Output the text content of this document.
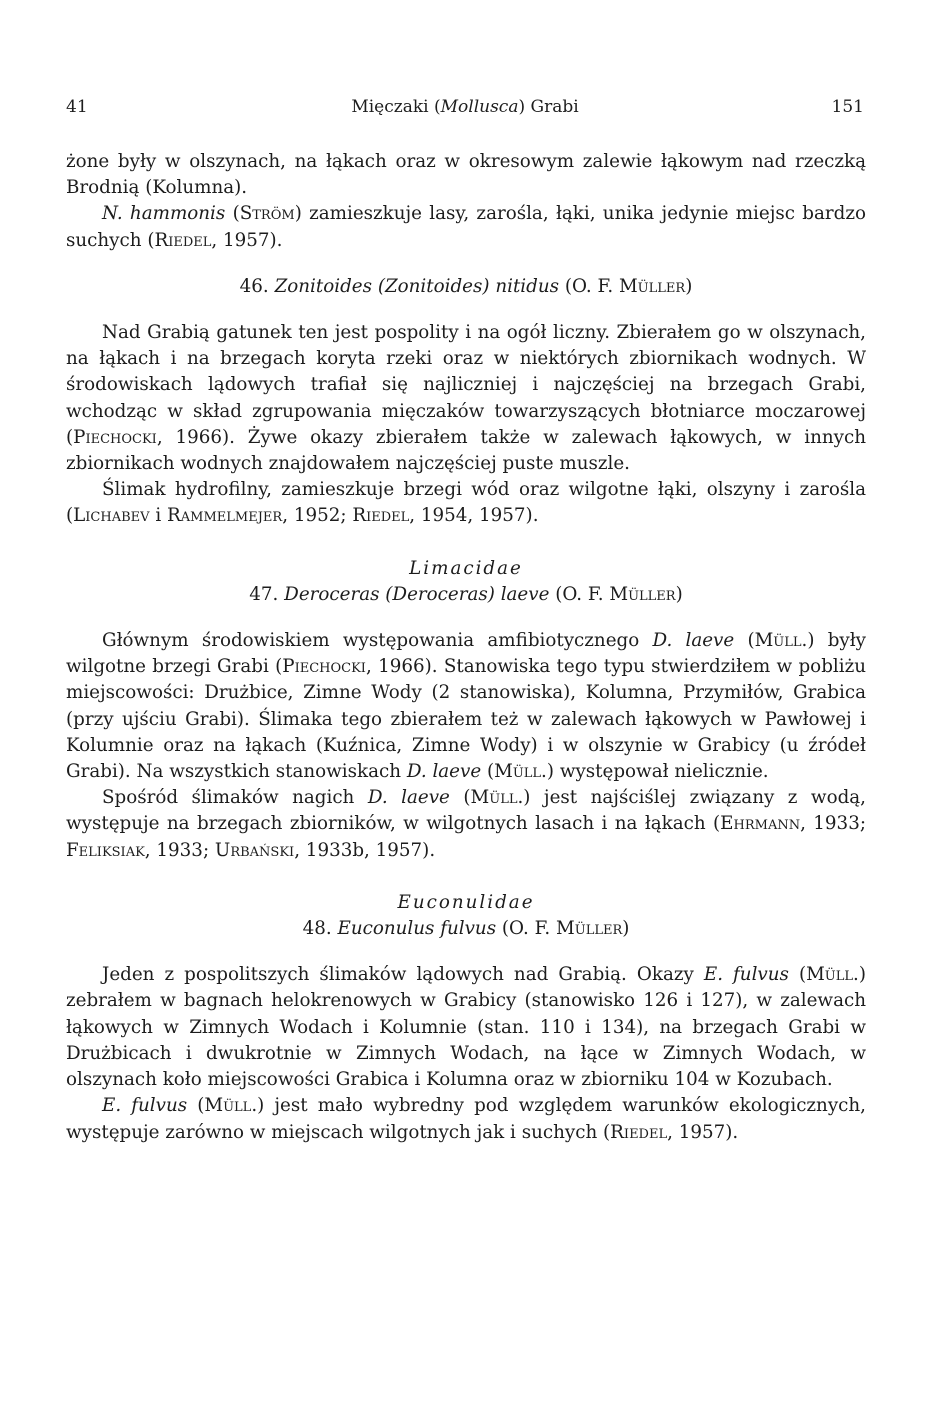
41	Mięczaki (Mollusca) Grabi	151

żone były w olszynach, na łąkach oraz w okresowym zalewie łąkowym nad rzeczką Brodnią (Kolumna).

N. hammonis (Ström) zamieszkuje lasy, zarośla, łąki, unika jedynie miejsc bardzo suchych (Riedel, 1957).

46. Zonitoides (Zonitoides) nitidus (O. F. Müller)

Nad Grabią gatunek ten jest pospolity i na ogół liczny. Zbierałem go w olszynach, na łąkach i na brzegach koryta rzeki oraz w niektórych zbiornikach wodnych. W środowiskach lądowych trafiał się najliczniej i najczęściej na brzegach Grabi, wchodząc w skład zgrupowania mięczaków towarzyszących błotniarce moczarowej (Piechocki, 1966). Żywe okazy zbierałem także w zalewach łąkowych, w innych zbiornikach wodnych znajdowałem najczęściej puste muszle.

Ślimak hydrofilny, zamieszkuje brzegi wód oraz wilgotne łąki, olszyny i zarośla (Lichabev i Rammelmejer, 1952; Riedel, 1954, 1957).

Limacidae

47. Deroceras (Deroceras) laeve (O. F. Müller)

Głównym środowiskiem występowania amfibiotycznego D. laeve (Müll.) były wilgotne brzegi Grabi (Piechocki, 1966). Stanowiska tego typu stwierdziłem w pobliżu miejscowości: Drużbice, Zimne Wody (2 stanowiska), Kolumna, Przymiłów, Grabica (przy ujściu Grabi). Ślimaka tego zbierałem też w zalewach łąkowych w Pawłowej i Kolumnie oraz na łąkach (Kuźnica, Zimne Wody) i w olszynie w Grabicy (u źródeł Grabi). Na wszystkich stanowiskach D. laeve (Müll.) występował nielicznie.

Spośród ślimaków nagich D. laeve (Müll.) jest najściślej związany z wodą, występuje na brzegach zbiorników, w wilgotnych lasach i na łąkach (Ehrmann, 1933; Feliksiak, 1933; Urbański, 1933b, 1957).

Euconulidae

48. Euconulus fulvus (O. F. Müller)

Jeden z pospolitszych ślimaków lądowych nad Grabią. Okazy E. fulvus (Müll.) zebrałem w bagnach helokrenowych w Grabicy (stanowisko 126 i 127), w zalewach łąkowych w Zimnych Wodach i Kolumnie (stan. 110 i 134), na brzegach Grabi w Drużbicach i dwukrotnie w Zimnych Wodach, na łące w Zimnych Wodach, w olszynach koło miejscowości Grabica i Kolumna oraz w zbiorniku 104 w Kozubach.

E. fulvus (Müll.) jest mało wybredny pod względem warunków ekologicznych, występuje zarówno w miejscach wilgotnych jak i suchych (Riedel, 1957).
